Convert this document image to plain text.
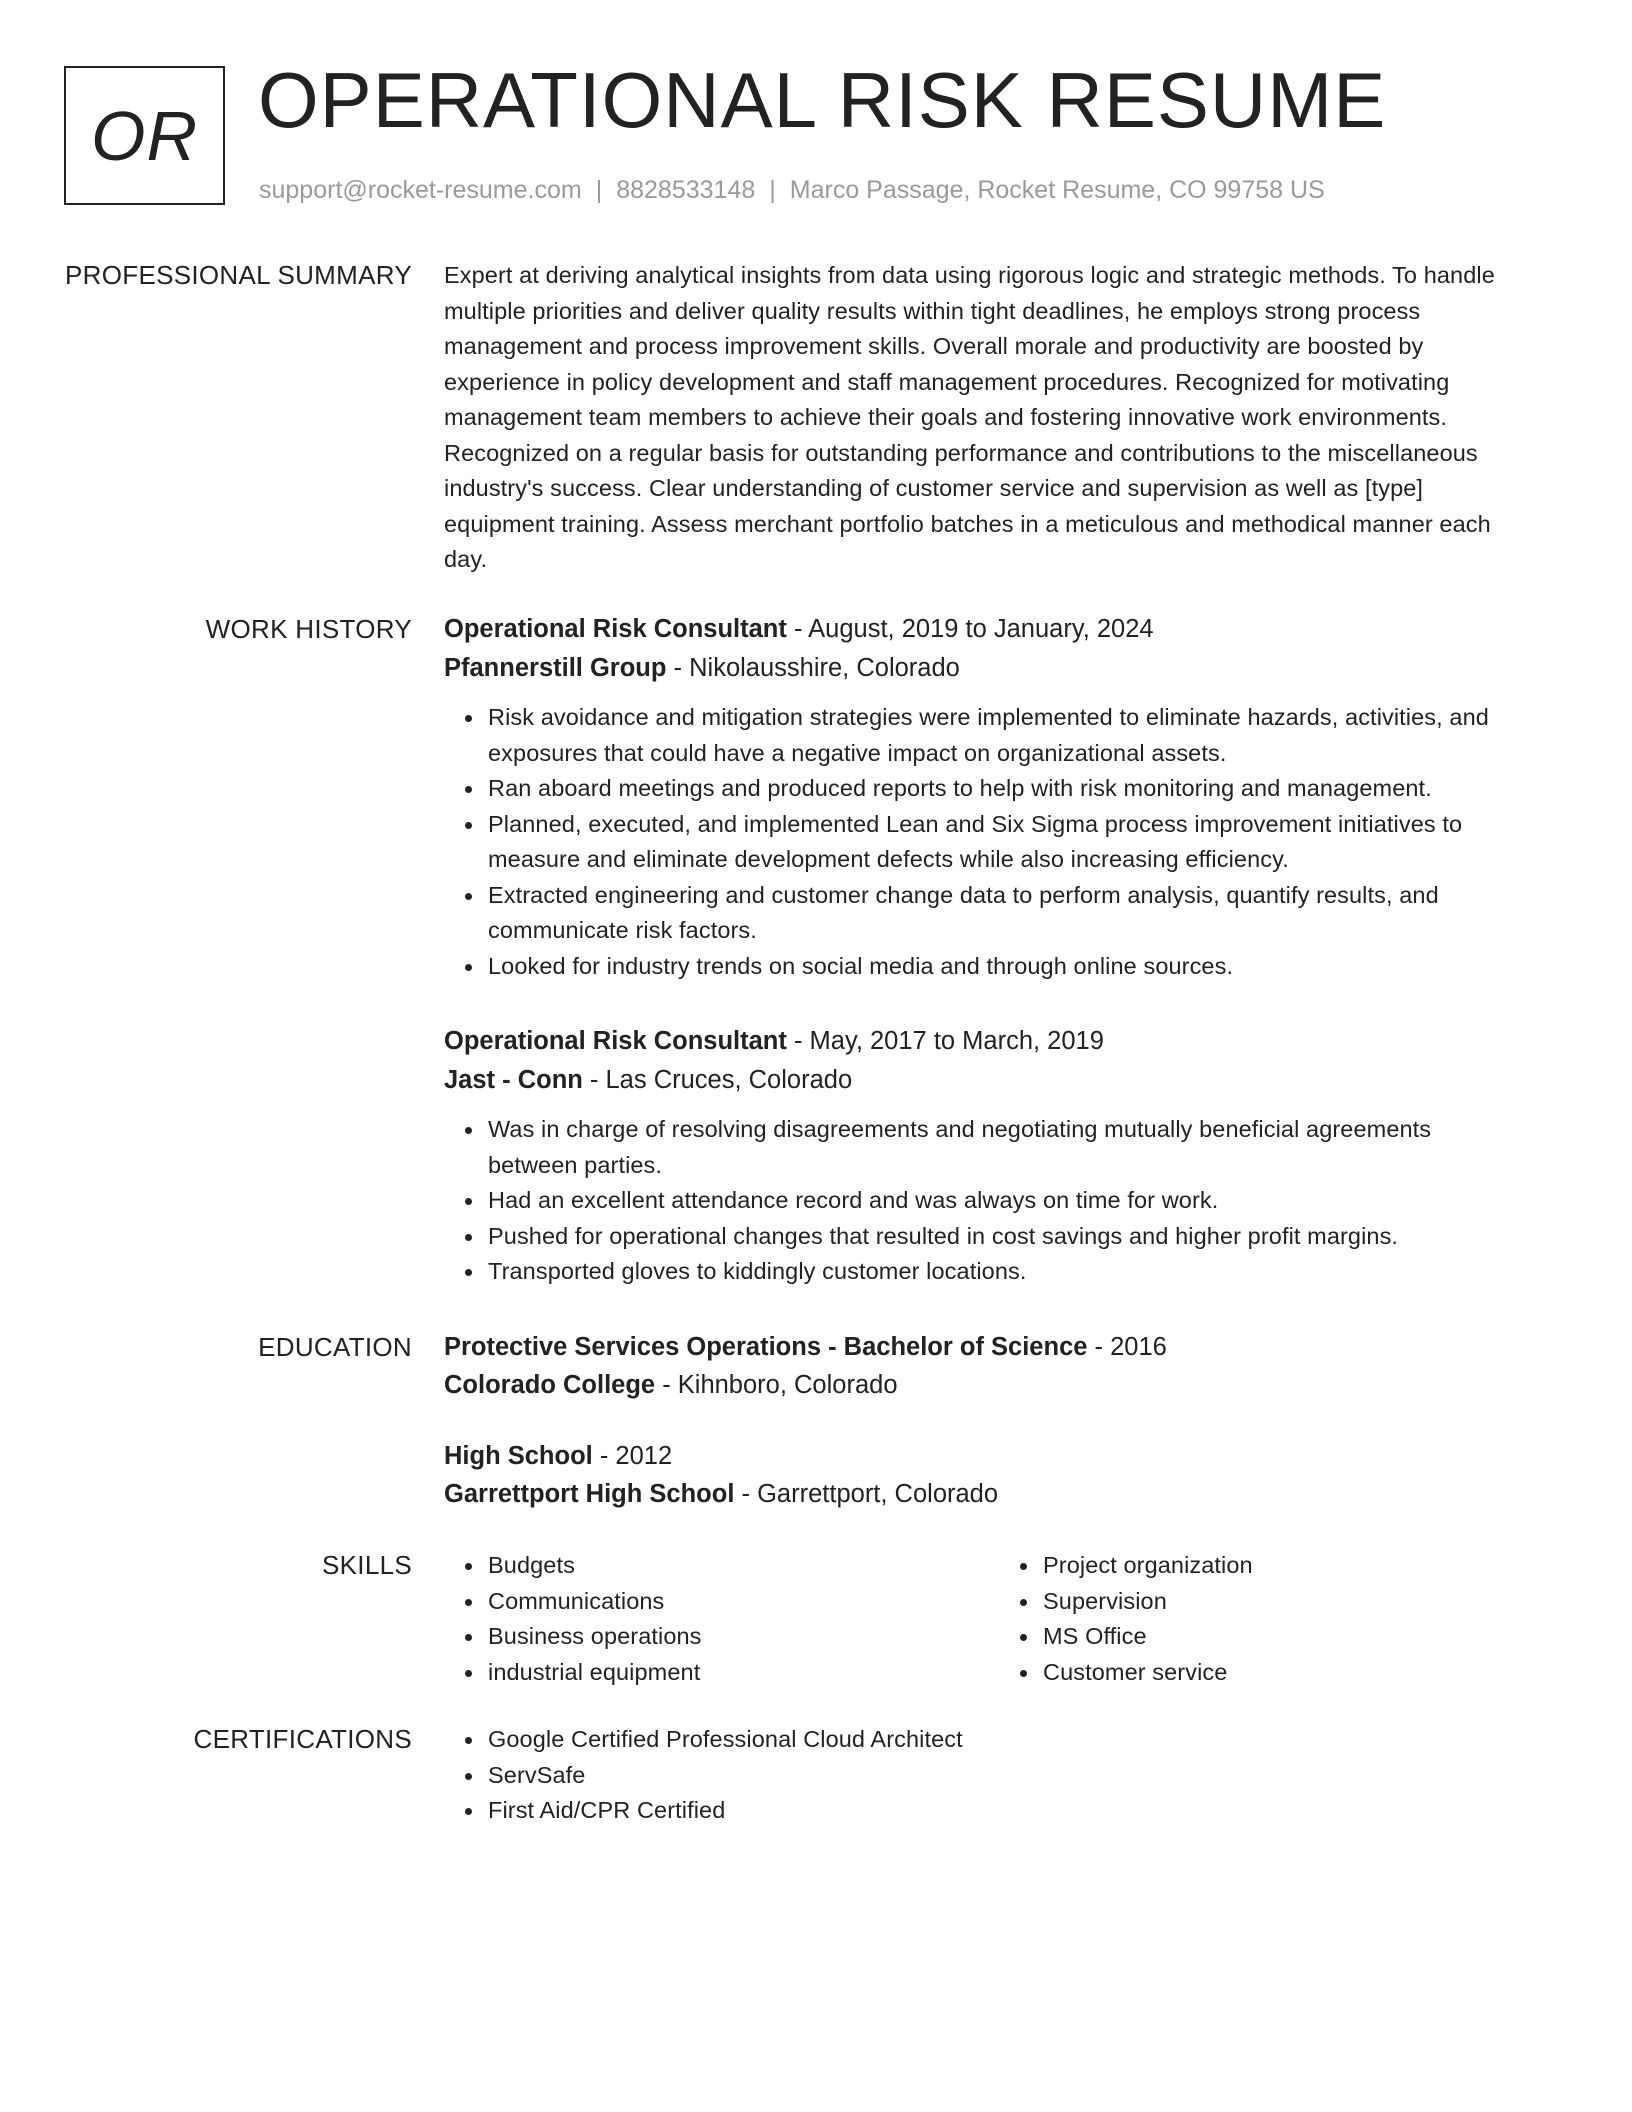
OR OPERATIONAL RISK RESUME
support@rocket-resume.com | 8828533148 | Marco Passage, Rocket Resume, CO 99758 US
PROFESSIONAL SUMMARY Expert at deriving analytical insights from data using rigorous logic and strategic methods. To handle
multiple priorities and deliver quality results within tight deadlines, he employs strong process
management and process improvement skills. Overall morale and productivity are boosted by
experience in policy development and staff management procedures. Recognized for motivating
management team members to achieve their goals and fostering innovative work environments.
Recognized on a regular basis for outstanding performance and contributions to the miscellaneous
industry's success. Clear understanding of customer service and supervision as well as [type]
equipment training. Assess merchant portfolio batches in a meticulous and methodical manner each
day.

WORK HISTORY Operational Risk Consultant - August, 2019 to January, 2024
Pfannerstill Group - Nikolausshire, Colorado
Risk avoidance and mitigation strategies were implemented to eliminate hazards, activities, and
exposures that could have a negative impact on organizational assets.
Ran aboard meetings and produced reports to help with risk monitoring and management.
Planned, executed, and implemented Lean and Six Sigma process improvement initiatives to
measure and eliminate development defects while also increasing efficiency.
Extracted engineering and customer change data to perform analysis, quantify results, and
communicate risk factors.
Looked for industry trends on social media and through online sources.
Operational Risk Consultant - May, 2017 to March, 2019
Jast - Conn - Las Cruces, Colorado
Was in charge of resolving disagreements and negotiating mutually beneficial agreements
between parties.
Had an excellent attendance record and was always on time for work.
Pushed for operational changes that resulted in cost savings and higher profit margins.
Transported gloves to kiddingly customer locations.
EDUCATION Protective Services Operations - Bachelor of Science - 2016
Colorado College - Kihnboro, Colorado
High School - 2012
Garrettport High School - Garrettport, Colorado
SKILLS	Budgets
Communications
Business operations
industrial equipment
Project organization
Supervision
MS Office
Customer service
CERTIFICATIONS	Google Certified Professional Cloud Architect
ServSafe
First Aid/CPR Certified
